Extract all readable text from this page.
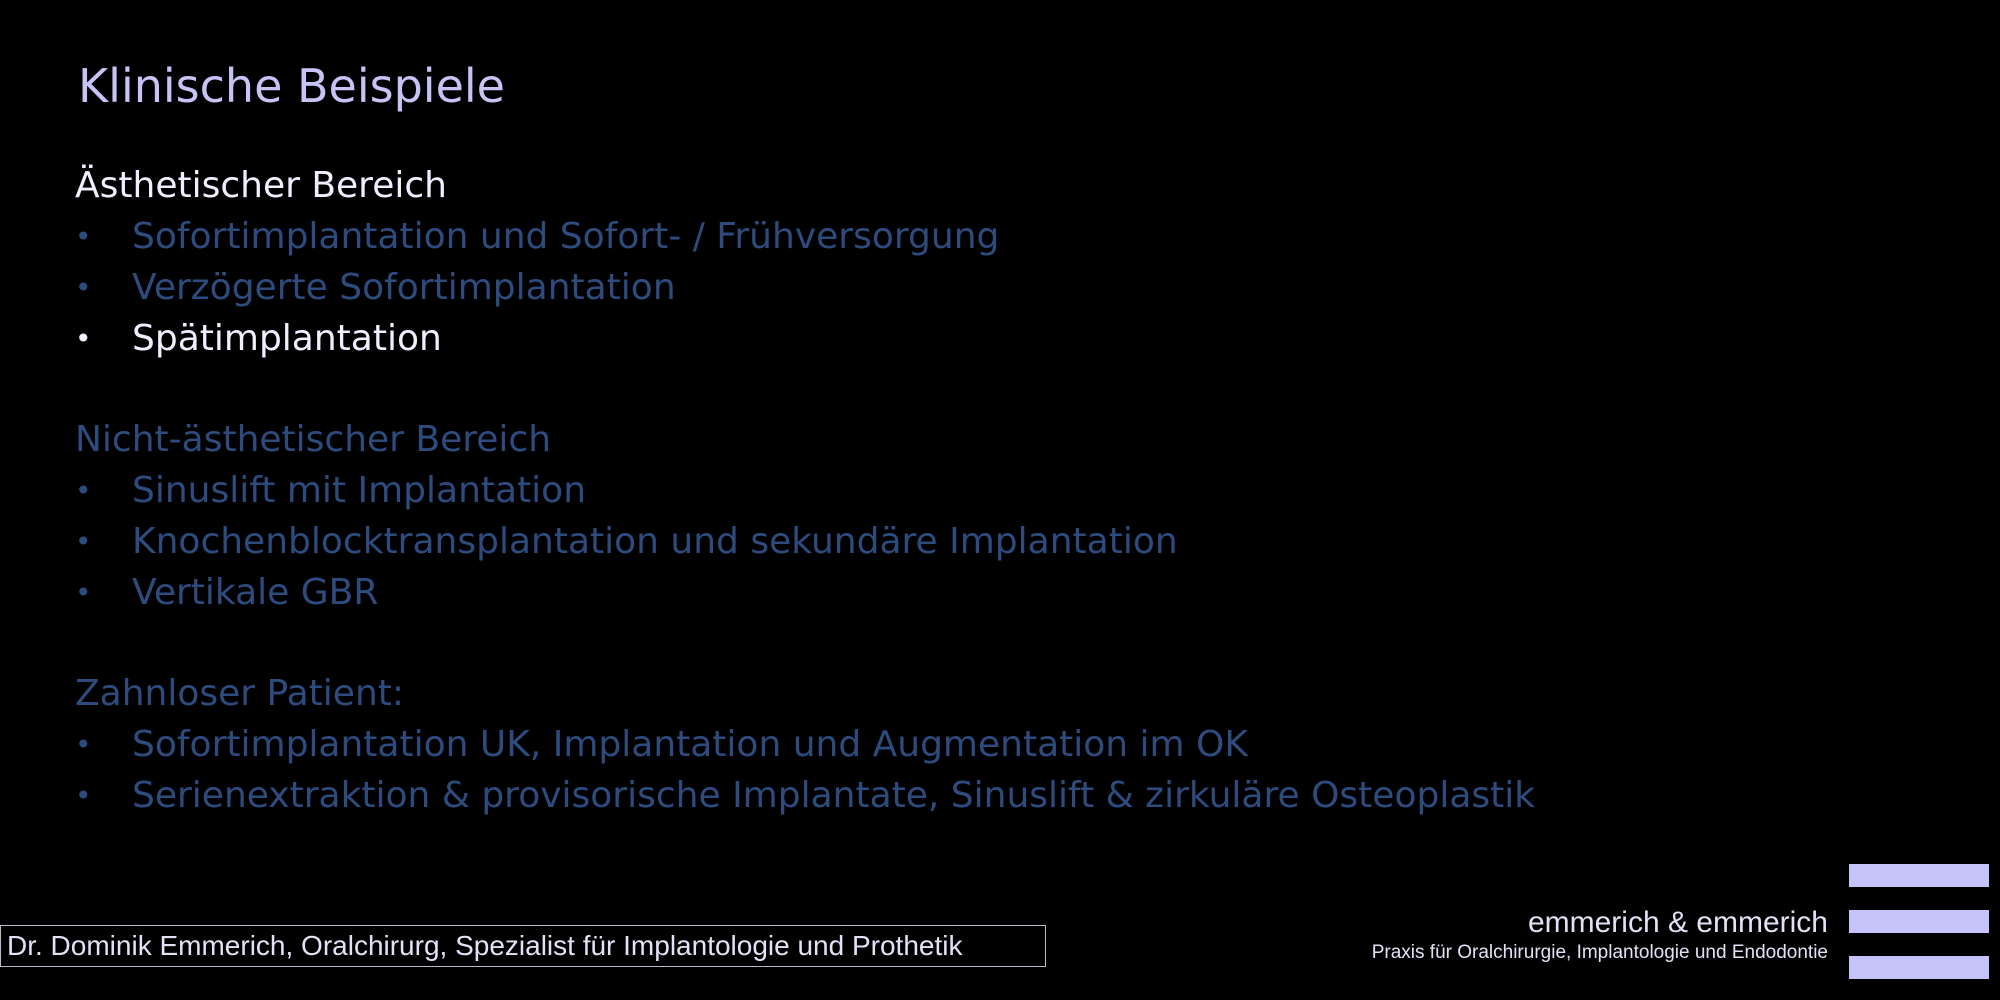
Klinische Beispiele
Ästhetischer Bereich
•	Sofortimplantation und Sofort- / Frühversorgung
•	Verzögerte Sofortimplantation
•	Spätimplantation
Nicht-ästhetischer Bereich
•	Sinuslift mit Implantation
•	Knochenblocktransplantation und sekundäre Implantation
•	Vertikale GBR
Zahnloser Patient:
•	Sofortimplantation UK, Implantation und Augmentation im OK
•	Serienextraktion & provisorische Implantate, Sinuslift & zirkuläre Osteoplastik
Dr. Dominik Emmerich, Oralchirurg, Spezialist für Implantologie und Prothetik
emmerich & emmerich
Praxis für Oralchirurgie, Implantologie und Endodontie
